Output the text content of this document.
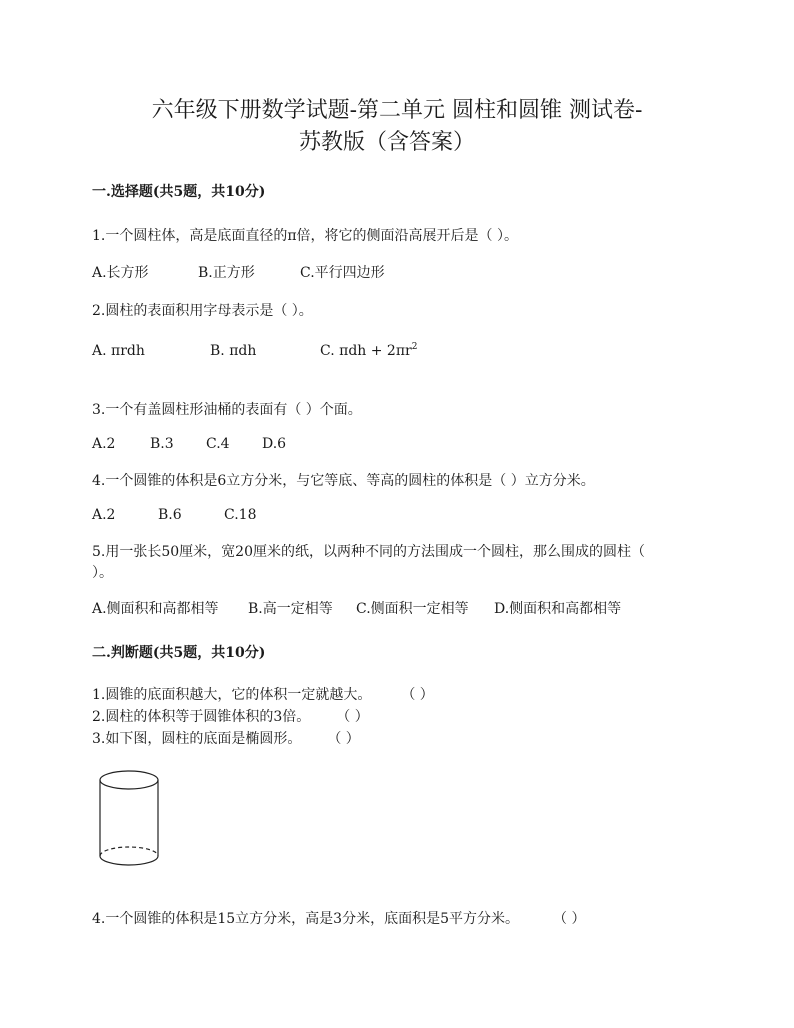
六年级下册数学试题-第二单元 圆柱和圆锥 测试卷-
苏教版（含答案）
一.选择题(共5题，共10分)
1.一个圆柱体，高是底面直径的π倍，将它的侧面沿高展开后是（ ）。
A.长方形	B.正方形	C.平行四边形
2.圆柱的表面积用字母表示是（ ）。
A. πrdh	B. πdh	C. $\pi dh + 2\pi r^2$
3.一个有盖圆柱形油桶的表面有（ ）个面。
A.2 B.3 C.4 D.6
4.一个圆锥的体积是6立方分米，与它等底、等高的圆柱的体积是（ ）立方分米。
A.2	B.6	C.18
5.用一张长50厘米，宽20厘米的纸，以两种不同的方法围成一个圆柱，那么围成的圆柱（
）。
A.侧面积和高都相等 B.高一定相等 C.侧面积一定相等 D.侧面积和高都相等
二.判断题(共5题，共10分)
1.圆锥的底面积越大，它的体积一定就越大。 （ ）
2.圆柱的体积等于圆锥体积的3倍。 （ ）
3.如下图，圆柱的底面是椭圆形。 （ ）
4.一个圆锥的体积是15立方分米，高是3分米，底面积是5平方分米。 （ ）
